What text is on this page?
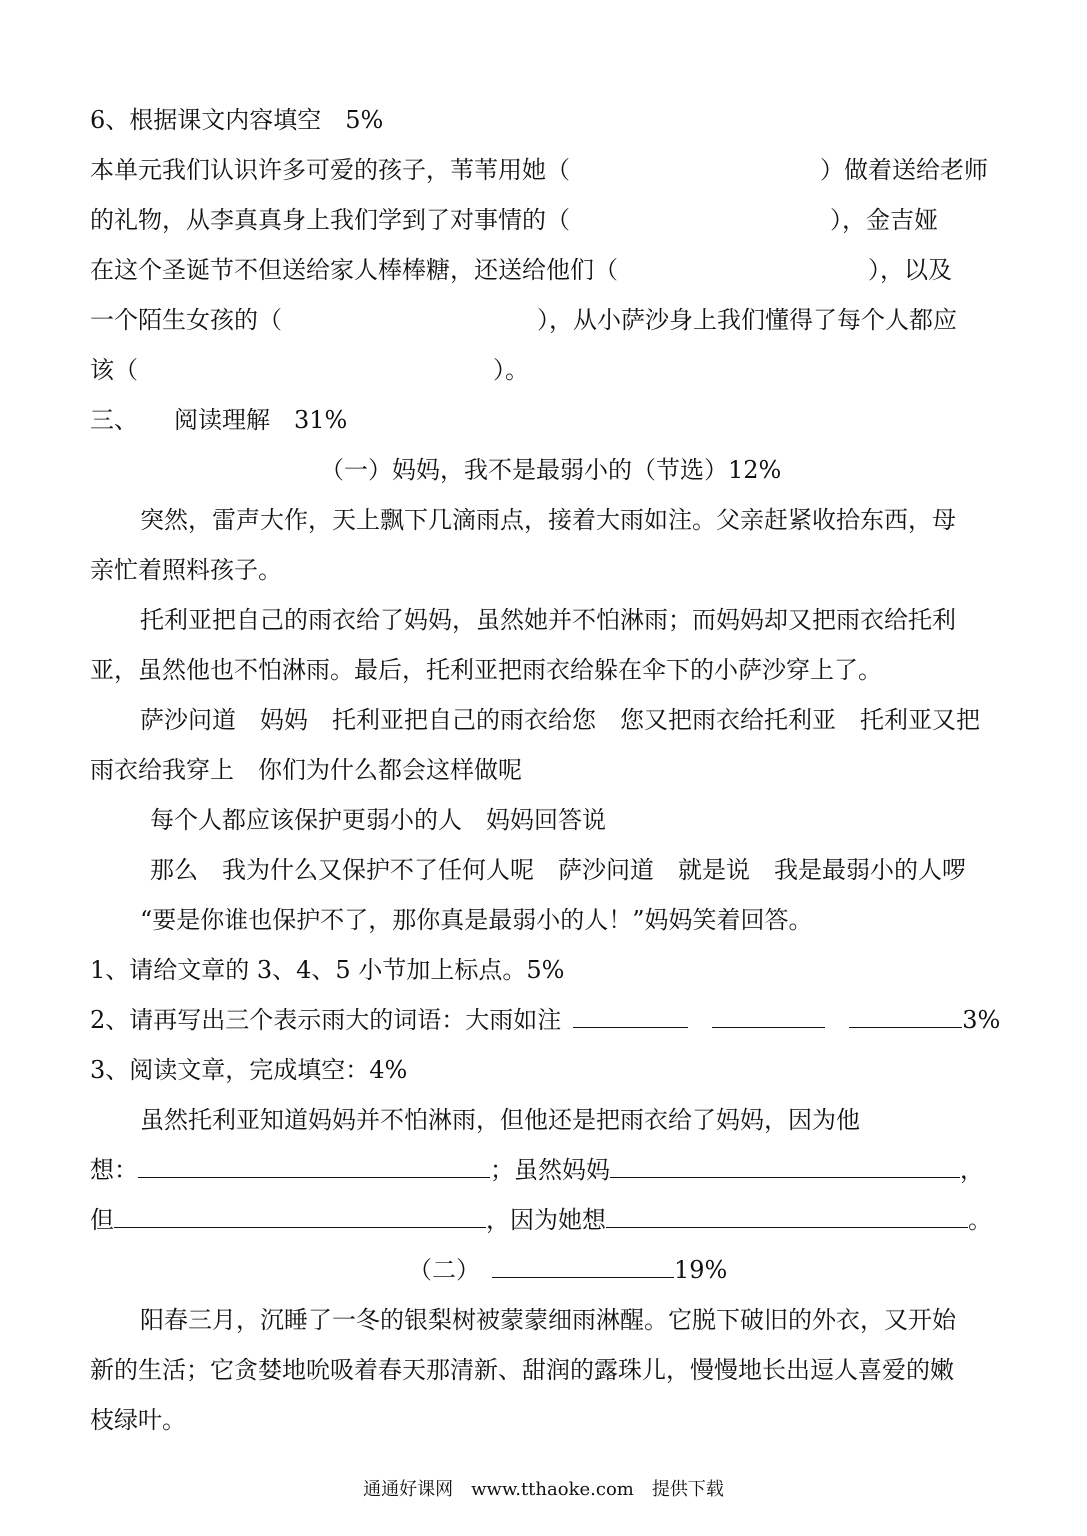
6、根据课文内容填空　5%
本单元我们认识许多可爱的孩子，苇苇用她（	）做着送给老师
的礼物，从李真真身上我们学到了对事情的（	），金吉娅
在这个圣诞节不但送给家人棒棒糖，还送给他们（	），以及
一个陌生女孩的（	），从小萨沙身上我们懂得了每个人都应
该（	）。
三、　　阅读理解　31%
（一）妈妈，我不是最弱小的（节选）12%
突然，雷声大作，天上飘下几滴雨点，接着大雨如注。父亲赶紧收拾东西，母
亲忙着照料孩子。
托利亚把自己的雨衣给了妈妈，虽然她并不怕淋雨；而妈妈却又把雨衣给托利
亚，虽然他也不怕淋雨。最后，托利亚把雨衣给躲在伞下的小萨沙穿上了。
萨沙问道　妈妈　托利亚把自己的雨衣给您　您又把雨衣给托利亚　托利亚又把
雨衣给我穿上　你们为什么都会这样做呢
每个人都应该保护更弱小的人　妈妈回答说
那么　我为什么又保护不了任何人呢　萨沙问道　就是说　我是最弱小的人啰
“要是你谁也保护不了，那你真是最弱小的人！”妈妈笑着回答。
1、请给文章的 3、4、5 小节加上标点。5%
2、请再写出三个表示雨大的词语：大雨如注	3%
3、阅读文章，完成填空：4%
虽然托利亚知道妈妈并不怕淋雨，但他还是把雨衣给了妈妈，因为他
想：	；虽然妈妈	，
但	，因为她想	。
（二）	19%
阳春三月，沉睡了一冬的银梨树被蒙蒙细雨淋醒。它脱下破旧的外衣，又开始
新的生活；它贪婪地吮吸着春天那清新、甜润的露珠儿，慢慢地长出逗人喜爱的嫩
枝绿叶。
通通好课网　www.tthaoke.com　提供下载
